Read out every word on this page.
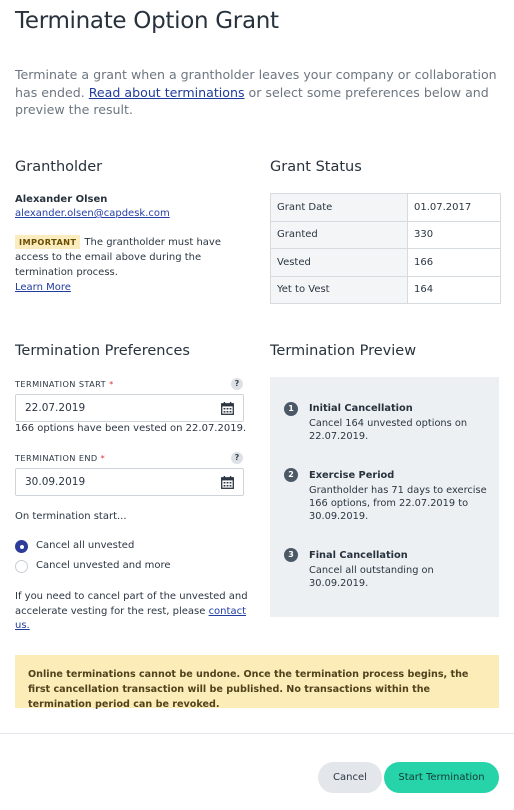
Terminate Option Grant
Terminate a grant when a grantholder leaves your company or collaboration has ended. Read about terminations or select some preferences below and preview the result.
Grantholder
Alexander Olsen
alexander.olsen@capdesk.com
IMPORTANT The grantholder must have access to the email above during the termination process.
Learn More
Grant Status
Grant Date	01.07.2017
Granted	330
Vested	166
Yet to Vest	164
Termination Preferences
TERMINATION START *	?
22.07.2019
166 options have been vested on 22.07.2019.
TERMINATION END *	?
30.09.2019
On termination start...
Cancel all unvested
Cancel unvested and more
If you need to cancel part of the unvested and accelerate vesting for the rest, please contact us.
Termination Preview
1	Initial Cancellation
Cancel 164 unvested options on 22.07.2019.
2	Exercise Period
Grantholder has 71 days to exercise 166 options, from 22.07.2019 to 30.09.2019.
3	Final Cancellation
Cancel all outstanding on 30.09.2019.
Online terminations cannot be undone. Once the termination process begins, the first cancellation transaction will be published. No transactions within the termination period can be revoked.
Cancel	Start Termination
